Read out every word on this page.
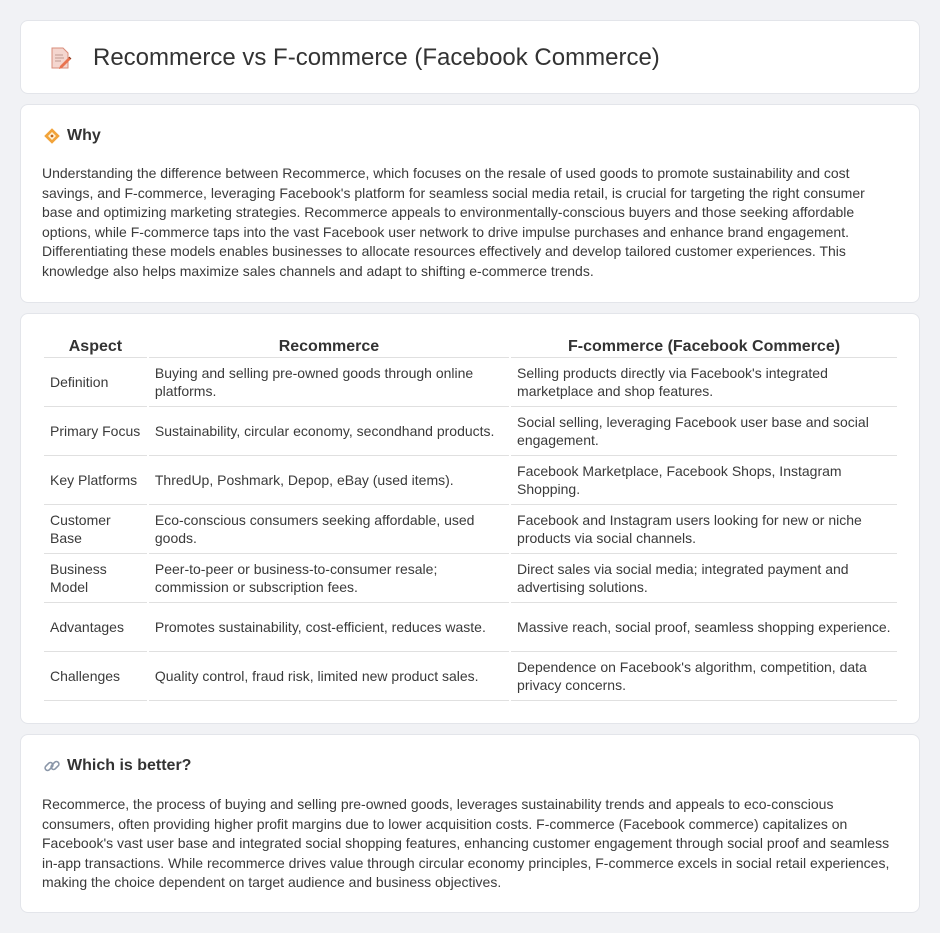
Recommerce vs F-commerce (Facebook Commerce)
Why

Understanding the difference between Recommerce, which focuses on the resale of used goods to promote sustainability and cost savings, and F-commerce, leveraging Facebook's platform for seamless social media retail, is crucial for targeting the right consumer base and optimizing marketing strategies. Recommerce appeals to environmentally-conscious buyers and those seeking affordable options, while F-commerce taps into the vast Facebook user network to drive impulse purchases and enhance brand engagement. Differentiating these models enables businesses to allocate resources effectively and develop tailored customer experiences. This knowledge also helps maximize sales channels and adapt to shifting e-commerce trends.

Aspect	Recommerce	F-commerce (Facebook Commerce)
Definition	Buying and selling pre-owned goods through online platforms.	Selling products directly via Facebook's integrated marketplace and shop features.
Primary Focus	Sustainability, circular economy, secondhand products.	Social selling, leveraging Facebook user base and social engagement.
Key Platforms	ThredUp, Poshmark, Depop, eBay (used items).	Facebook Marketplace, Facebook Shops, Instagram Shopping.
Customer Base	Eco-conscious consumers seeking affordable, used goods.	Facebook and Instagram users looking for new or niche products via social channels.
Business Model	Peer-to-peer or business-to-consumer resale; commission or subscription fees.	Direct sales via social media; integrated payment and advertising solutions.
Advantages	Promotes sustainability, cost-efficient, reduces waste.	Massive reach, social proof, seamless shopping experience.
Challenges	Quality control, fraud risk, limited new product sales.	Dependence on Facebook's algorithm, competition, data privacy concerns.
Which is better?

Recommerce, the process of buying and selling pre-owned goods, leverages sustainability trends and appeals to eco-conscious consumers, often providing higher profit margins due to lower acquisition costs. F-commerce (Facebook commerce) capitalizes on Facebook's vast user base and integrated social shopping features, enhancing customer engagement through social proof and seamless in-app transactions. While recommerce drives value through circular economy principles, F-commerce excels in social retail experiences, making the choice dependent on target audience and business objectives.
